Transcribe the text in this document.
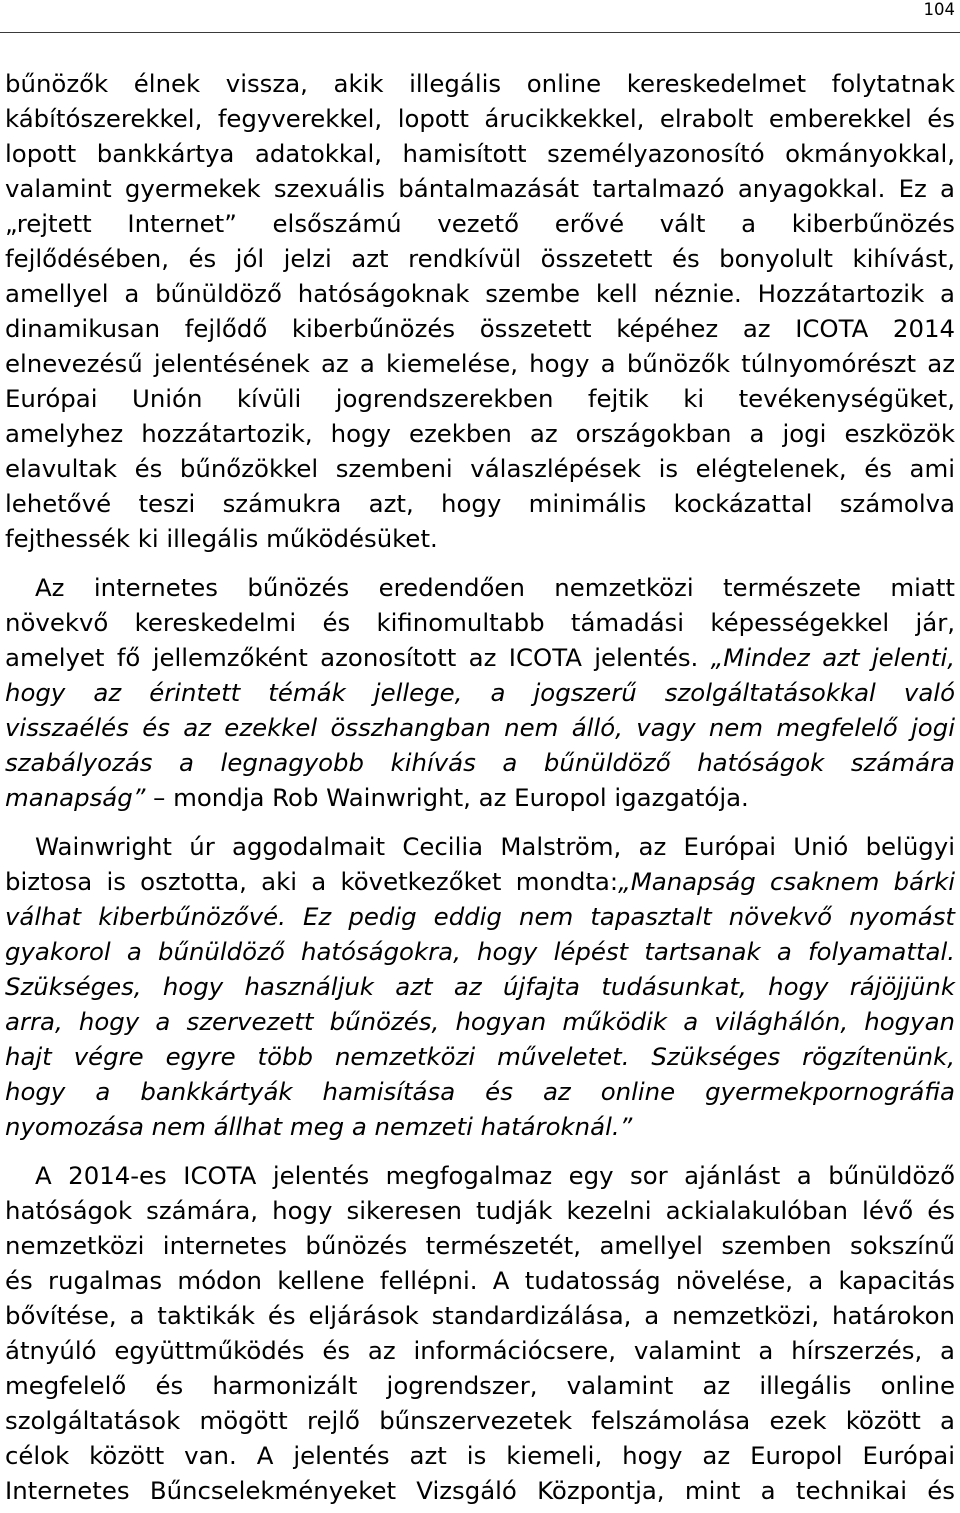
104
bűnözők élnek vissza, akik illegális online kereskedelmet folytatnak
kábítószerekkel, fegyverekkel, lopott árucikkekkel, elrabolt emberekkel és
lopott bankkártya adatokkal, hamisított személyazonosító okmányokkal,
valamint gyermekek szexuális bántalmazását tartalmazó anyagokkal. Ez a
„rejtett Internet” elsőszámú vezető erővé vált a kiberbűnözés
fejlődésében, és jól jelzi azt rendkívül összetett és bonyolult kihívást,
amellyel a bűnüldöző hatóságoknak szembe kell néznie. Hozzátartozik a
dinamikusan fejlődő kiberbűnözés összetett képéhez az ICOTA 2014
elnevezésű jelentésének az a kiemelése, hogy a bűnözők túlnyomórészt az
Európai Unión kívüli jogrendszerekben fejtik ki tevékenységüket,
amelyhez hozzátartozik, hogy ezekben az országokban a jogi eszközök
elavultak és bűnőzökkel szembeni válaszlépések is elégtelenek, és ami
lehetővé teszi számukra azt, hogy minimális kockázattal számolva
fejthessék ki illegális működésüket.
Az internetes bűnözés eredendően nemzetközi természete miatt
növekvő kereskedelmi és kifinomultabb támadási képességekkel jár,
amelyet fő jellemzőként azonosított az ICOTA jelentés. „Mindez azt jelenti,
hogy az érintett témák jellege, a jogszerű szolgáltatásokkal való
visszaélés és az ezekkel összhangban nem álló, vagy nem megfelelő jogi
szabályozás a legnagyobb kihívás a bűnüldöző hatóságok számára
manapság” – mondja Rob Wainwright, az Europol igazgatója.
Wainwright úr aggodalmait Cecilia Malström, az Európai Unió belügyi
biztosa is osztotta, aki a következőket mondta:„Manapság csaknem bárki
válhat kiberbűnözővé. Ez pedig eddig nem tapasztalt növekvő nyomást
gyakorol a bűnüldöző hatóságokra, hogy lépést tartsanak a folyamattal.
Szükséges, hogy használjuk azt az újfajta tudásunkat, hogy rájöjjünk
arra, hogy a szervezett bűnözés, hogyan működik a világhálón, hogyan
hajt végre egyre több nemzetközi műveletet. Szükséges rögzítenünk,
hogy a bankkártyák hamisítása és az online gyermekpornográfia
nyomozása nem állhat meg a nemzeti határoknál.”
A 2014-es ICOTA jelentés megfogalmaz egy sor ajánlást a bűnüldöző
hatóságok számára, hogy sikeresen tudják kezelni ackialakulóban lévő és
nemzetközi internetes bűnözés természetét, amellyel szemben sokszínű
és rugalmas módon kellene fellépni. A tudatosság növelése, a kapacitás
bővítése, a taktikák és eljárások standardizálása, a nemzetközi, határokon
átnyúló együttműködés és az információcsere, valamint a hírszerzés, a
megfelelő és harmonizált jogrendszer, valamint az illegális online
szolgáltatások mögött rejlő bűnszervezetek felszámolása ezek között a
célok között van. A jelentés azt is kiemeli, hogy az Europol Európai
Internetes Bűncselekményeket Vizsgáló Központja, mint a technikai és
